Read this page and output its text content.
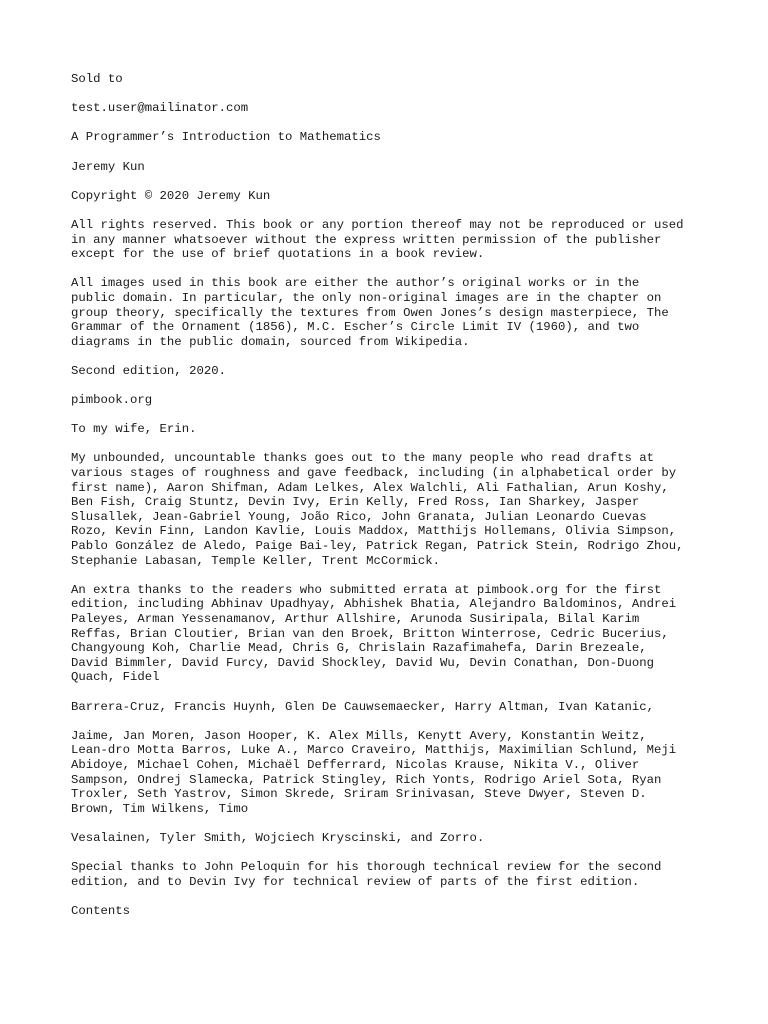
Sold to

test.user@mailinator.com

A Programmer’s Introduction to Mathematics

Jeremy Kun

Copyright © 2020 Jeremy Kun

All rights reserved. This book or any portion thereof may not be reproduced or used
in any manner whatsoever without the express written permission of the publisher
except for the use of brief quotations in a book review.

All images used in this book are either the author’s original works or in the
public domain. In particular, the only non-original images are in the chapter on
group theory, specifically the textures from Owen Jones’s design masterpiece, The
Grammar of the Ornament (1856), M.C. Escher’s Circle Limit IV (1960), and two
diagrams in the public domain, sourced from Wikipedia.

Second edition, 2020.

pimbook.org

To my wife, Erin.

My unbounded, uncountable thanks goes out to the many people who read drafts at
various stages of roughness and gave feedback, including (in alphabetical order by
first name), Aaron Shifman, Adam Lelkes, Alex Walchli, Ali Fathalian, Arun Koshy,
Ben Fish, Craig Stuntz, Devin Ivy, Erin Kelly, Fred Ross, Ian Sharkey, Jasper
Slusallek, Jean-Gabriel Young, João Rico, John Granata, Julian Leonardo Cuevas
Rozo, Kevin Finn, Landon Kavlie, Louis Maddox, Matthijs Hollemans, Olivia Simpson,
Pablo González de Aledo, Paige Bai-ley, Patrick Regan, Patrick Stein, Rodrigo Zhou,
Stephanie Labasan, Temple Keller, Trent McCormick.

An extra thanks to the readers who submitted errata at pimbook.org for the first
edition, including Abhinav Upadhyay, Abhishek Bhatia, Alejandro Baldominos, Andrei
Paleyes, Arman Yessenamanov, Arthur Allshire, Arunoda Susiripala, Bilal Karim
Reffas, Brian Cloutier, Brian van den Broek, Britton Winterrose, Cedric Bucerius,
Changyoung Koh, Charlie Mead, Chris G, Chrislain Razafimahefa, Darin Brezeale,
David Bimmler, David Furcy, David Shockley, David Wu, Devin Conathan, Don-Duong
Quach, Fidel

Barrera-Cruz, Francis Huynh, Glen De Cauwsemaecker, Harry Altman, Ivan Katanic,

Jaime, Jan Moren, Jason Hooper, K. Alex Mills, Kenytt Avery, Konstantin Weitz,
Lean-dro Motta Barros, Luke A., Marco Craveiro, Matthijs, Maximilian Schlund, Meji
Abidoye, Michael Cohen, Michaël Defferrard, Nicolas Krause, Nikita V., Oliver
Sampson, Ondrej Slamecka, Patrick Stingley, Rich Yonts, Rodrigo Ariel Sota, Ryan
Troxler, Seth Yastrov, Simon Skrede, Sriram Srinivasan, Steve Dwyer, Steven D.
Brown, Tim Wilkens, Timo

Vesalainen, Tyler Smith, Wojciech Kryscinski, and Zorro.

Special thanks to John Peloquin for his thorough technical review for the second
edition, and to Devin Ivy for technical review of parts of the first edition.

Contents
